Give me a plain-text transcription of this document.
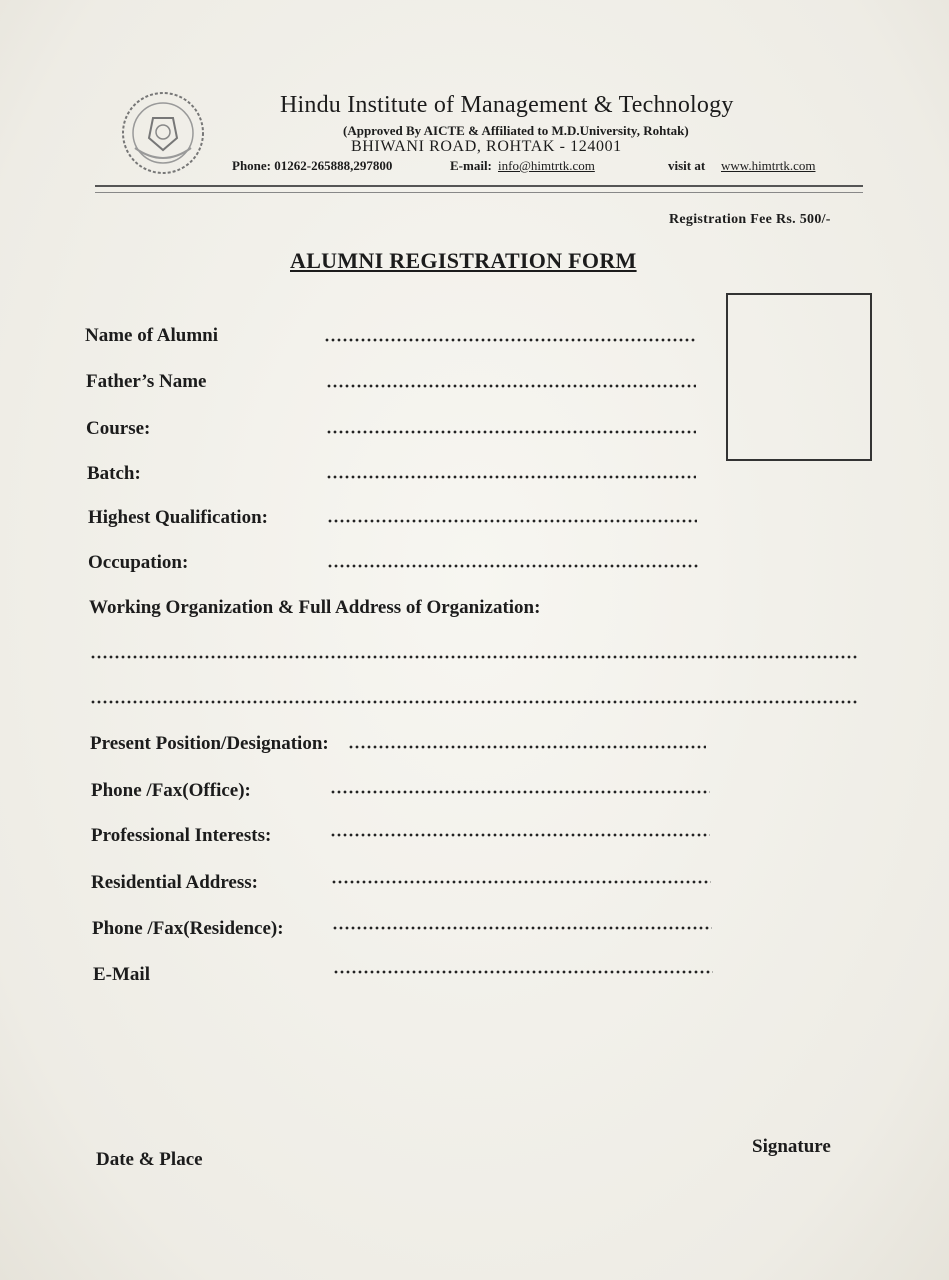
Hindu Institute of Management & Technology
(Approved By AICTE & Affiliated to M.D.University, Rohtak)
BHIWANI ROAD, ROHTAK - 124001
Phone: 01262-265888,297800	E-mail: info@himtrtk.com	visit at www.himtrtk.com
Registration Fee Rs. 500/-
ALUMNI REGISTRATION FORM
Name of Alumni
Father’s Name
Course:
Batch:
Highest Qualification:
Occupation:
Working Organization & Full Address of Organization:
Present Position/Designation:
Phone /Fax(Office):
Professional Interests:
Residential Address:
Phone /Fax(Residence):
E-Mail
Date & Place
Signature
